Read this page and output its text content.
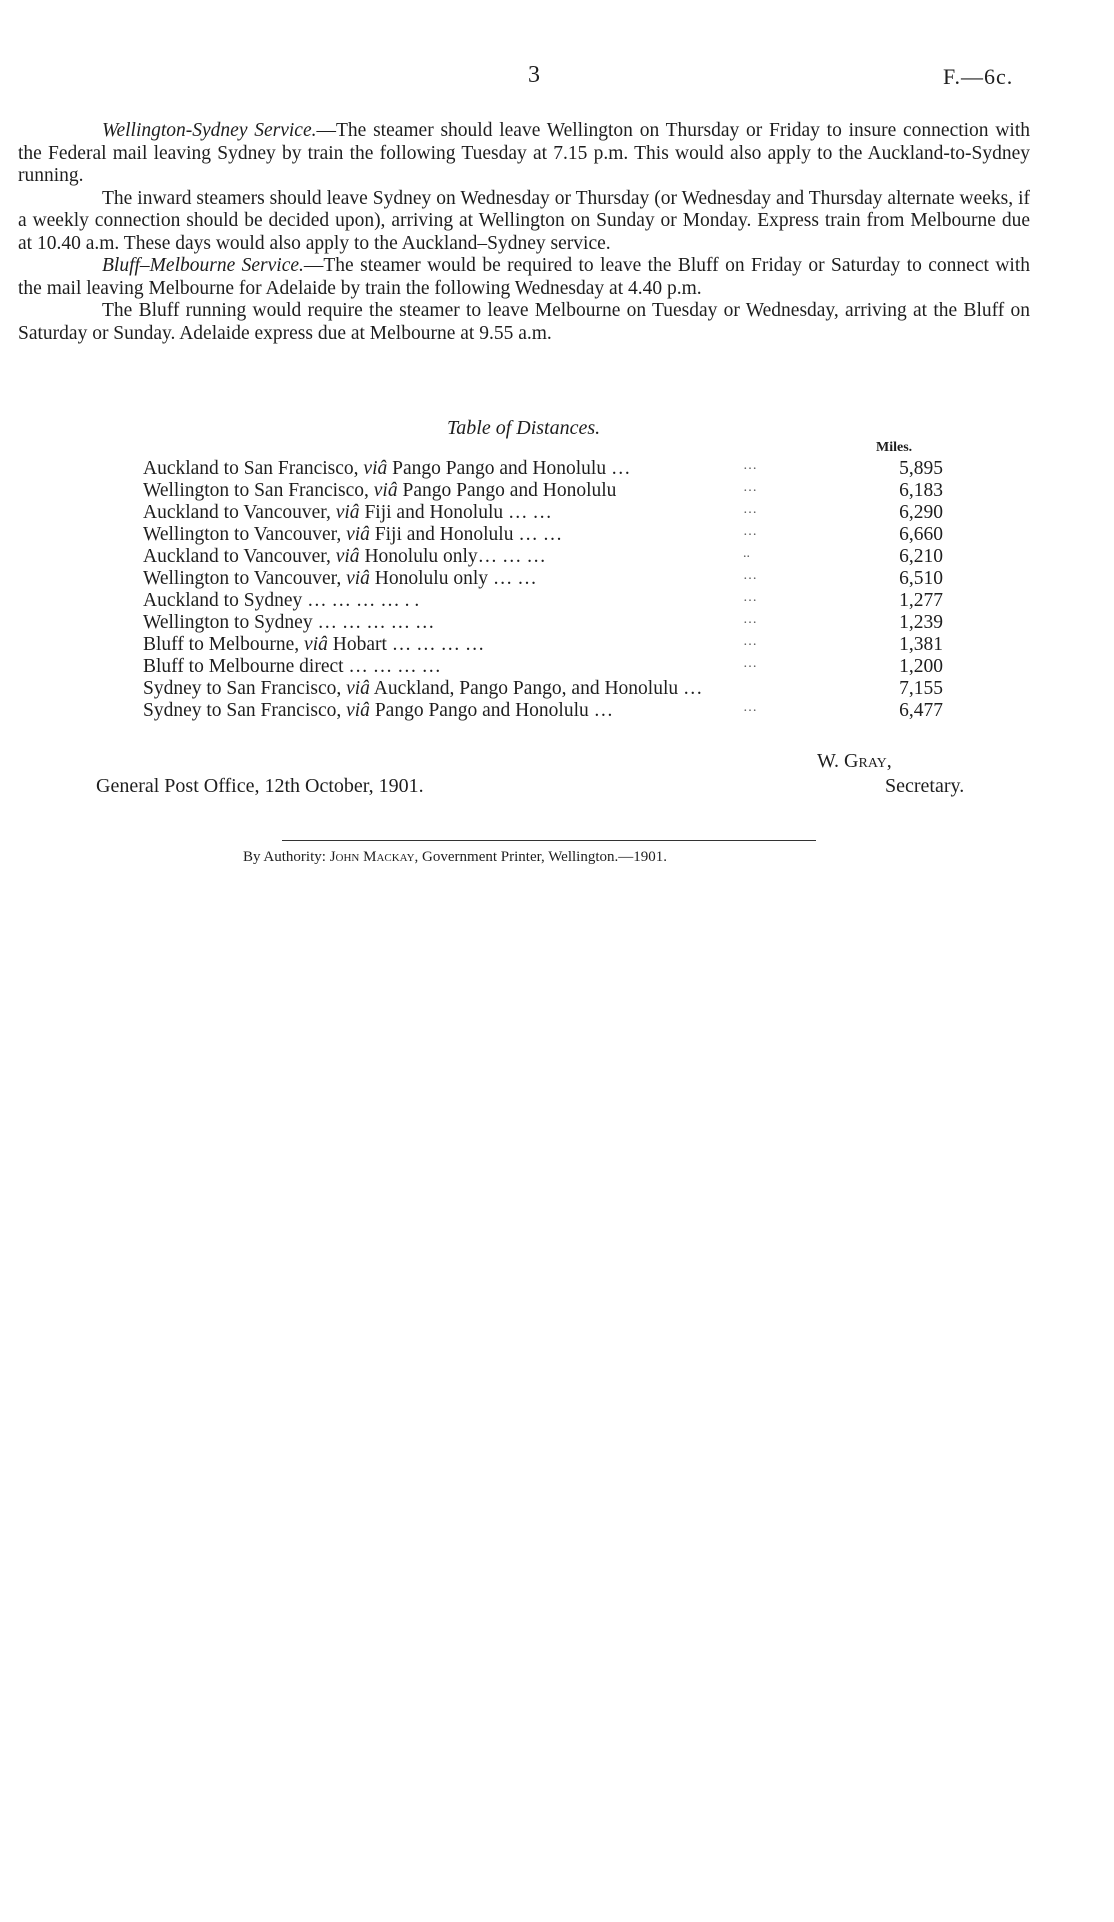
3	F.—6c.

Wellington-Sydney Service.—The steamer should leave Wellington on Thursday or Friday to insure connection with the Federal mail leaving Sydney by train the following Tuesday at 7.15 p.m. This would also apply to the Auckland-to-Sydney running.

The inward steamers should leave Sydney on Wednesday or Thursday (or Wednesday and Thursday alternate weeks, if a weekly connection should be decided upon), arriving at Wellington on Sunday or Monday. Express train from Melbourne due at 10.40 a.m. These days would also apply to the Auckland–Sydney service.

Bluff–Melbourne Service.—The steamer would be required to leave the Bluff on Friday or Saturday to connect with the mail leaving Melbourne for Adelaide by train the following Wednesday at 4.40 p.m.

The Bluff running would require the steamer to leave Melbourne on Tuesday or Wednesday, arriving at the Bluff on Saturday or Sunday. Adelaide express due at Melbourne at 9.55 a.m.

Table of Distances.
Miles.
Auckland to San Francisco, viâ Pango Pango and Honolulu …	…	5,895
Wellington to San Francisco, viâ Pango Pango and Honolulu	…	6,183
Auckland to Vancouver, viâ Fiji and Honolulu … …	…	6,290
Wellington to Vancouver, viâ Fiji and Honolulu … …	…	6,660
Auckland to Vancouver, viâ Honolulu only… … …	..	6,210
Wellington to Vancouver, viâ Honolulu only … …	…	6,510
Auckland to Sydney … … … … . .	…	1,277
Wellington to Sydney … … … … …	…	1,239
Bluff to Melbourne, viâ Hobart … … … …	…	1,381
Bluff to Melbourne direct … … … …	…	1,200
Sydney to San Francisco, viâ Auckland, Pango Pango, and Honolulu …	7,155
Sydney to San Francisco, viâ Pango Pango and Honolulu …	…	6,477
W. Gray,
Secretary.
General Post Office, 12th October, 1901.
By Authority: John Mackay, Government Printer, Wellington.—1901.
